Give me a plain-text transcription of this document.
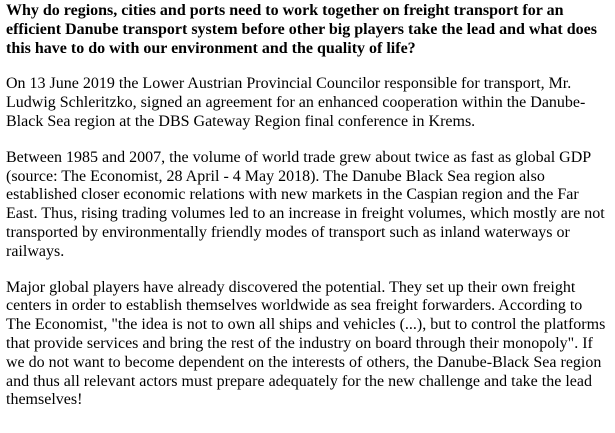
Why do regions, cities and ports need to work together on freight transport for an efficient Danube transport system before other big players take the lead and what does this have to do with our environment and the quality of life?

On 13 June 2019 the Lower Austrian Provincial Councilor responsible for transport, Mr. Ludwig Schleritzko, signed an agreement for an enhanced cooperation within the Danube-Black Sea region at the DBS Gateway Region final conference in Krems.

Between 1985 and 2007, the volume of world trade grew about twice as fast as global GDP (source: The Economist, 28 April - 4 May 2018). The Danube Black Sea region also established closer economic relations with new markets in the Caspian region and the Far East. Thus, rising trading volumes led to an increase in freight volumes, which mostly are not transported by environmentally friendly modes of transport such as inland waterways or railways.

Major global players have already discovered the potential. They set up their own freight centers in order to establish themselves worldwide as sea freight forwarders. According to The Economist, "the idea is not to own all ships and vehicles (...), but to control the platforms that provide services and bring the rest of the industry on board through their monopoly". If we do not want to become dependent on the interests of others, the Danube-Black Sea region and thus all relevant actors must prepare adequately for the new challenge and take the lead themselves!
